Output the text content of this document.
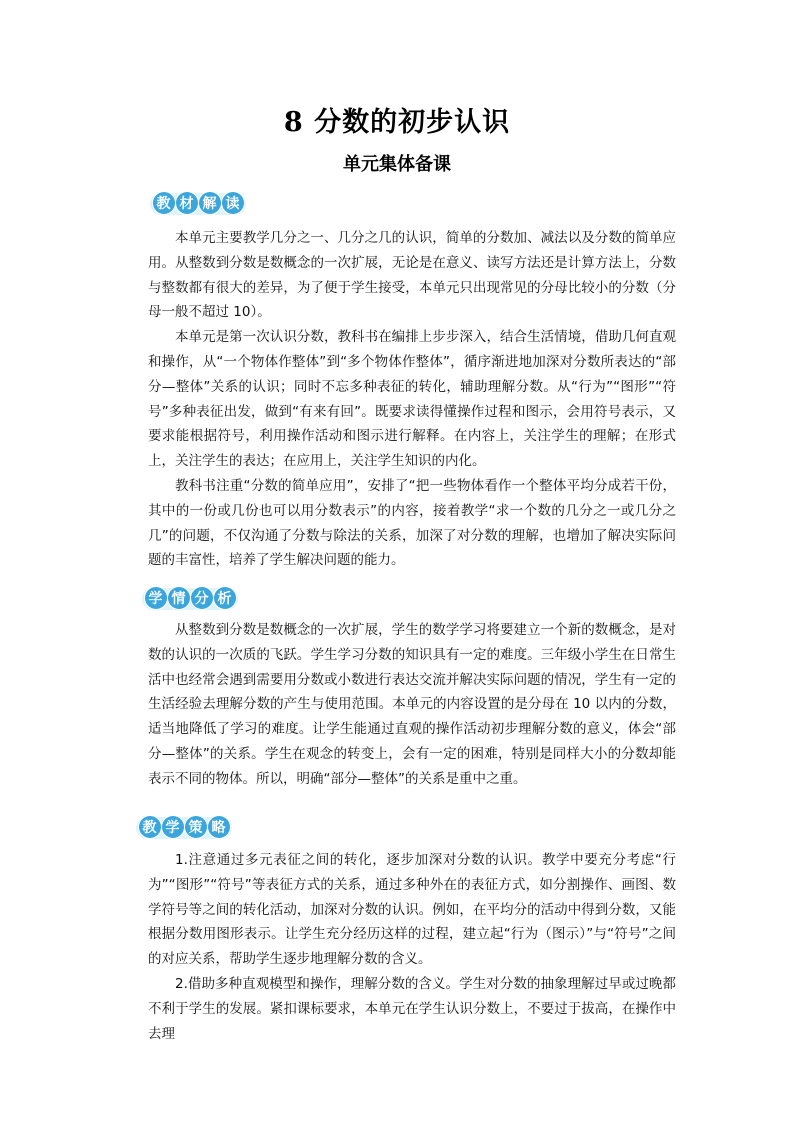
8 分数的初步认识
单元集体备课
教 材 解 读

本单元主要教学几分之一、几分之几的认识，简单的分数加、减法以及分数的简单应用。从整数到分数是数概念的一次扩展，无论是在意义、读写方法还是计算方法上，分数与整数都有很大的差异，为了便于学生接受，本单元只出现常见的分母比较小的分数（分母一般不超过 10）。

本单元是第一次认识分数，教科书在编排上步步深入，结合生活情境，借助几何直观和操作，从“一个物体作整体”到“多个物体作整体”，循序渐进地加深对分数所表达的“部分—整体”关系的认识；同时不忘多种表征的转化，辅助理解分数。从“行为”“图形”“符号”多种表征出发，做到“有来有回”。既要求读得懂操作过程和图示，会用符号表示，又要求能根据符号，利用操作活动和图示进行解释。在内容上，关注学生的理解；在形式上，关注学生的表达；在应用上，关注学生知识的内化。

教科书注重“分数的简单应用”，安排了“把一些物体看作一个整体平均分成若干份，其中的一份或几份也可以用分数表示”的内容，接着教学“求一个数的几分之一或几分之几”的问题，不仅沟通了分数与除法的关系，加深了对分数的理解，也增加了解决实际问题的丰富性，培养了学生解决问题的能力。

学 情 分 析

从整数到分数是数概念的一次扩展，学生的数学学习将要建立一个新的数概念，是对数的认识的一次质的飞跃。学生学习分数的知识具有一定的难度。三年级小学生在日常生活中也经常会遇到需要用分数或小数进行表达交流并解决实际问题的情况，学生有一定的生活经验去理解分数的产生与使用范围。本单元的内容设置的是分母在 10 以内的分数，适当地降低了学习的难度。让学生能通过直观的操作活动初步理解分数的意义，体会“部分—整体”的关系。学生在观念的转变上，会有一定的困难，特别是同样大小的分数却能表示不同的物体。所以，明确“部分—整体”的关系是重中之重。

教 学 策 略

1.注意通过多元表征之间的转化，逐步加深对分数的认识。教学中要充分考虑“行为”“图形”“符号”等表征方式的关系，通过多种外在的表征方式，如分割操作、画图、数学符号等之间的转化活动，加深对分数的认识。例如，在平均分的活动中得到分数，又能根据分数用图形表示。让学生充分经历这样的过程，建立起“行为（图示）”与“符号”之间的对应关系，帮助学生逐步地理解分数的含义。

2.借助多种直观模型和操作，理解分数的含义。学生对分数的抽象理解过早或过晚都不利于学生的发展。紧扣课标要求，本单元在学生认识分数上，不要过于拔高，在操作中去理
